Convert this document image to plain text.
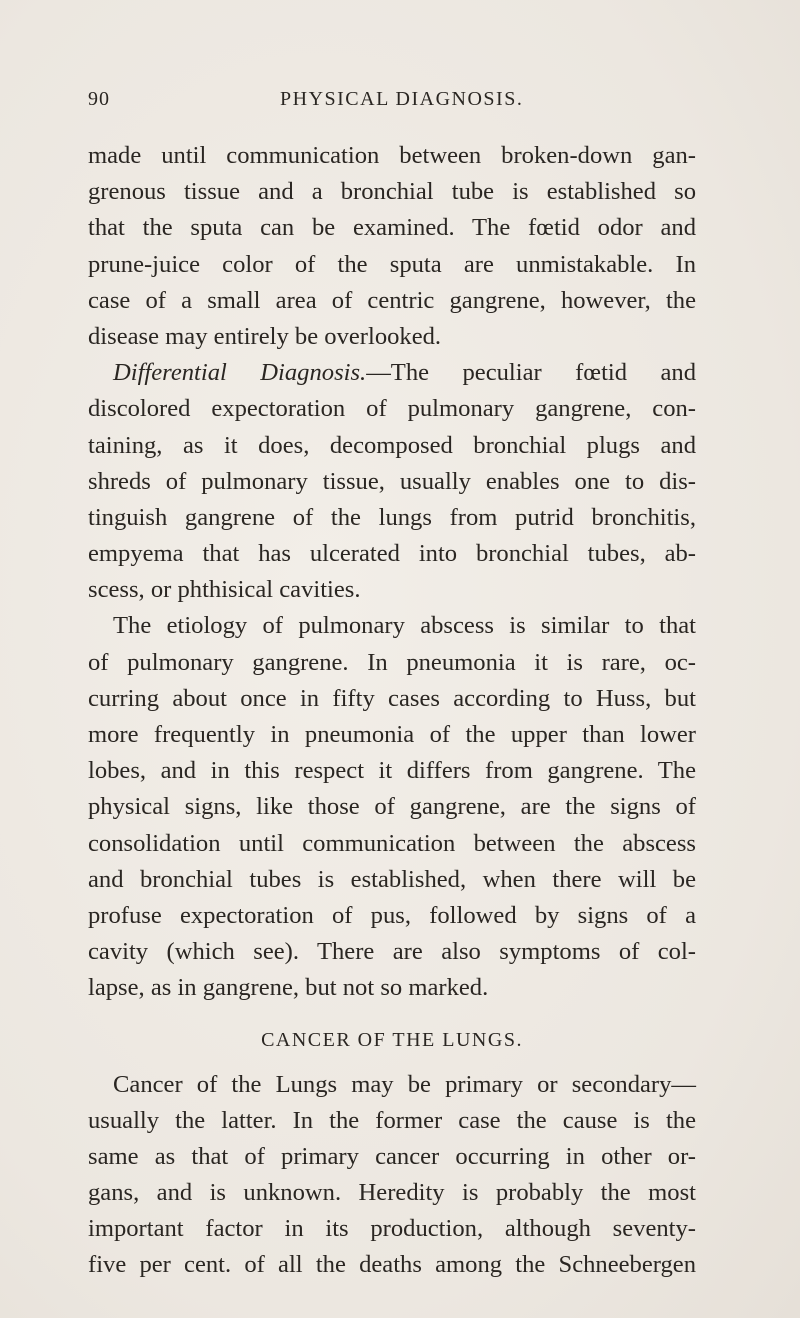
90	PHYSICAL DIAGNOSIS.
made until communication between broken-down gan-
grenous tissue and a bronchial tube is established so
that the sputa can be examined. The fœtid odor and
prune-juice color of the sputa are unmistakable. In
case of a small area of centric gangrene, however, the
disease may entirely be overlooked.
Differential Diagnosis.—The peculiar fœtid and
discolored expectoration of pulmonary gangrene, con-
taining, as it does, decomposed bronchial plugs and
shreds of pulmonary tissue, usually enables one to dis-
tinguish gangrene of the lungs from putrid bronchitis,
empyema that has ulcerated into bronchial tubes, ab-
scess, or phthisical cavities.
The etiology of pulmonary abscess is similar to that
of pulmonary gangrene. In pneumonia it is rare, oc-
curring about once in fifty cases according to Huss, but
more frequently in pneumonia of the upper than lower
lobes, and in this respect it differs from gangrene. The
physical signs, like those of gangrene, are the signs of
consolidation until communication between the abscess
and bronchial tubes is established, when there will be
profuse expectoration of pus, followed by signs of a
cavity (which see). There are also symptoms of col-
lapse, as in gangrene, but not so marked.
CANCER OF THE LUNGS.
Cancer of the Lungs may be primary or secondary—
usually the latter. In the former case the cause is the
same as that of primary cancer occurring in other or-
gans, and is unknown. Heredity is probably the most
important factor in its production, although seventy-
five per cent. of all the deaths among the Schneebergen
